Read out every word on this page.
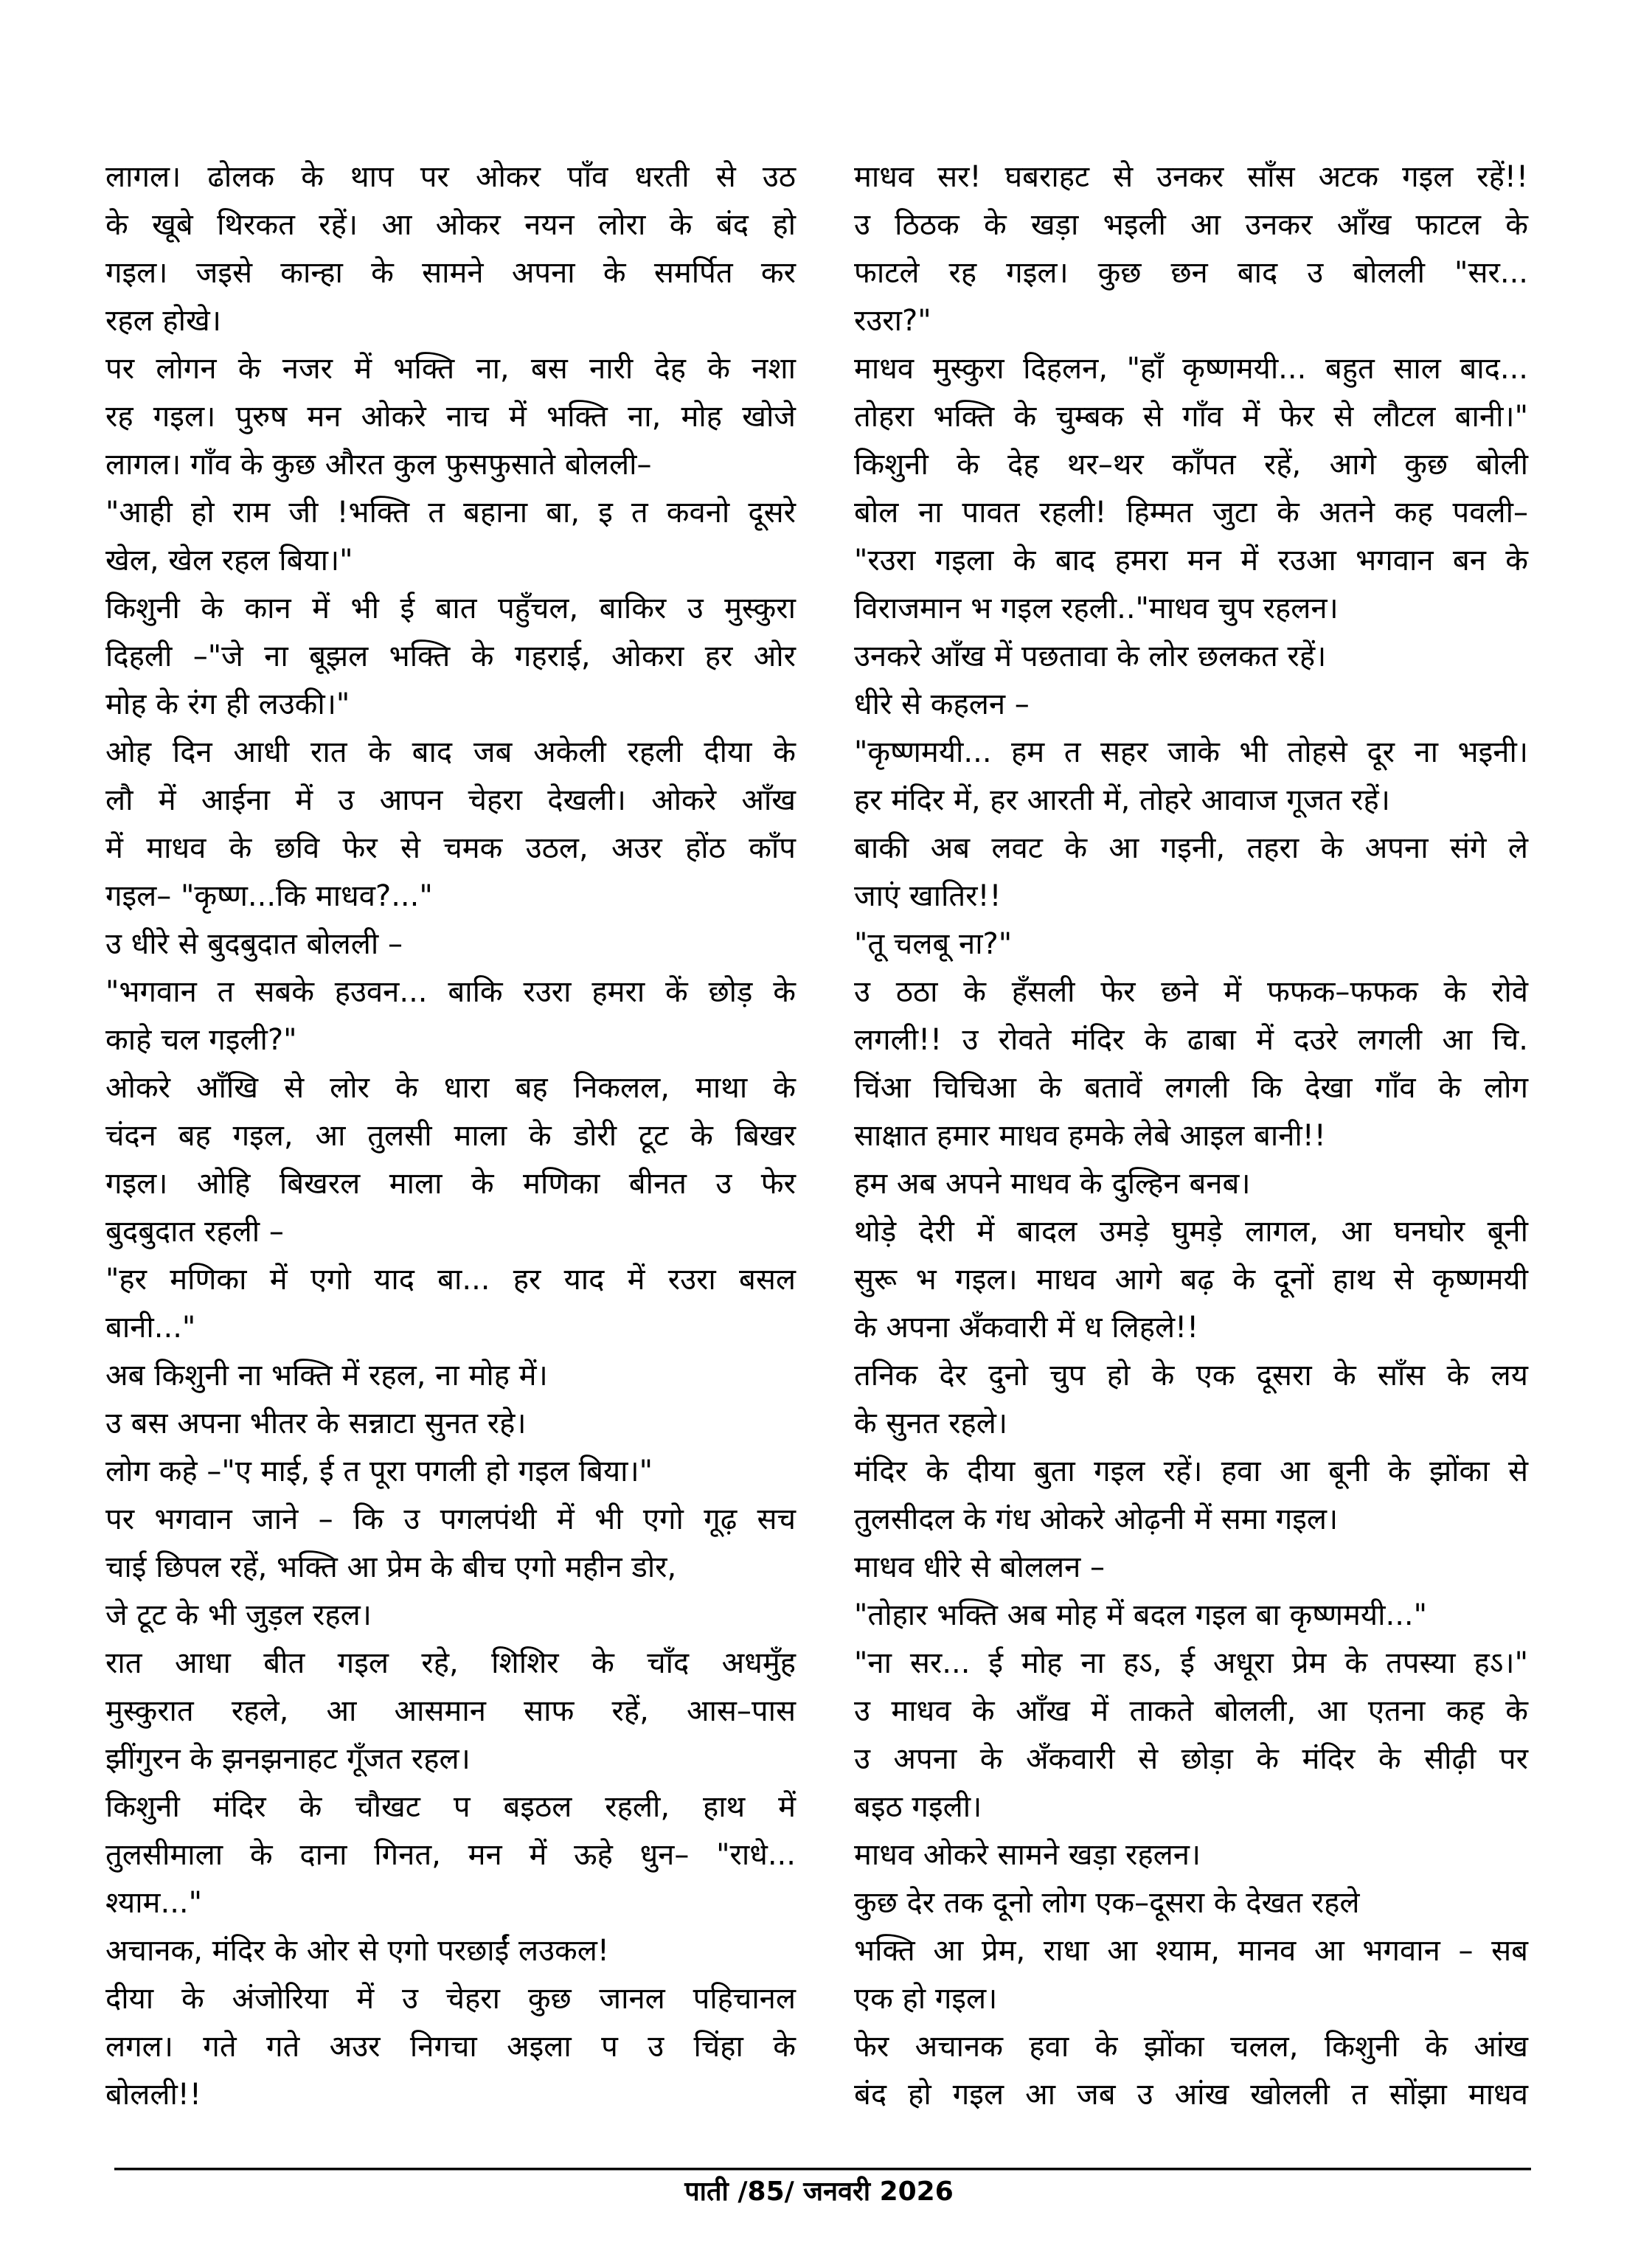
लागल। ढोलक के थाप पर ओकर पाँव धरती से उठ
के खूबे थिरकत रहें। आ ओकर नयन लोरा के बंद हो
गइल। जइसे कान्हा के सामने अपना के समर्पित कर
रहल होखे।
पर लोगन के नजर में भक्ति ना, बस नारी देह के नशा
रह गइल। पुरुष मन ओकरे नाच में भक्ति ना, मोह खोजे
लागल। गाँव के कुछ औरत कुल फुसफुसाते बोलली–
"आही हो राम जी !भक्ति त बहाना बा, इ त कवनो दूसरे
खेल, खेल रहल बिया।"
किशुनी के कान में भी ई बात पहुँचल, बाकिर उ मुस्कुरा
दिहली –"जे ना बूझल भक्ति के गहराई, ओकरा हर ओर
मोह के रंग ही लउकी।"
ओह दिन आधी रात के बाद जब अकेली रहली दीया के
लौ में आईना में उ आपन चेहरा देखली। ओकरे आँख
में माधव के छवि फेर से चमक उठल, अउर होंठ काँप
गइल– "कृष्ण...कि माधव?..."
उ धीरे से बुदबुदात बोलली –
"भगवान त सबके हउवन... बाकि रउरा हमरा कें छोड़ के
काहे चल गइली?"
ओकरे आँखि से लोर के धारा बह निकलल, माथा के
चंदन बह गइल, आ तुलसी माला के डोरी टूट के बिखर
गइल। ओहि बिखरल माला के मणिका बीनत उ फेर
बुदबुदात रहली –
"हर मणिका में एगो याद बा... हर याद में रउरा बसल
बानी..."
अब किशुनी ना भक्ति में रहल, ना मोह में।
उ बस अपना भीतर के सन्नाटा सुनत रहे।
लोग कहे –"ए माई, ई त पूरा पगली हो गइल बिया।"
पर भगवान जाने – कि उ पगलपंथी में भी एगो गूढ़ सच
चाई छिपल रहें, भक्ति आ प्रेम के बीच एगो महीन डोर,
जे टूट के भी जुड़ल रहल।
रात आधा बीत गइल रहे, शिशिर के चाँद अधमुँह
मुस्कुरात रहले, आ आसमान साफ रहें, आस–पास
झींगुरन के झनझनाहट गूँजत रहल।
किशुनी मंदिर के चौखट प बइठल रहली, हाथ में
तुलसीमाला के दाना गिनत, मन में ऊहे धुन– "राधे...
श्याम..."
अचानक, मंदिर के ओर से एगो परछाईं लउकल!
दीया के अंजोरिया में उ चेहरा कुछ जानल पहिचानल
लगल। गते गते अउर निगचा अइला प उ चिंहा के
बोलली!!
माधव सर! घबराहट से उनकर साँस अटक गइल रहें!!
उ ठिठक के खड़ा भइली आ उनकर आँख फाटल के
फाटले रह गइल। कुछ छन बाद उ बोलली "सर...
रउरा?"
माधव मुस्कुरा दिहलन, "हाँ कृष्णमयी... बहुत साल बाद...
तोहरा भक्ति के चुम्बक से गाँव में फेर से लौटल बानी।"
किशुनी के देह थर–थर काँपत रहें, आगे कुछ बोली
बोल ना पावत रहली! हिम्मत जुटा के अतने कह पवली–
"रउरा गइला के बाद हमरा मन में रउआ भगवान बन के
विराजमान भ गइल रहली.."माधव चुप रहलन।
उनकरे आँख में पछतावा के लोर छलकत रहें।
धीरे से कहलन –
"कृष्णमयी... हम त सहर जाके भी तोहसे दूर ना भइनी।
हर मंदिर में, हर आरती में, तोहरे आवाज गूजत रहें।
बाकी अब लवट के आ गइनी, तहरा के अपना संगे ले
जाएं खातिर!!
"तू चलबू ना?"
उ ठठा के हँसली फेर छने में फफक–फफक के रोवे
लगली!! उ रोवते मंदिर के ढाबा में दउरे लगली आ चि.
चिंआ चिचिआ के बतावें लगली कि देखा गाँव के लोग
साक्षात हमार माधव हमके लेबे आइल बानी!!
हम अब अपने माधव के दुल्हिन बनब।
थोड़े देरी में बादल उमड़े घुमड़े लागल, आ घनघोर बूनी
सुरू भ गइल। माधव आगे बढ़ के दूनों हाथ से कृष्णमयी
के अपना अँकवारी में ध लिहले!!
तनिक देर दुनो चुप हो के एक दूसरा के साँस के लय
के सुनत रहले।
मंदिर के दीया बुता गइल रहें। हवा आ बूनी के झोंका से
तुलसीदल के गंध ओकरे ओढ़नी में समा गइल।
माधव धीरे से बोललन –
"तोहार भक्ति अब मोह में बदल गइल बा कृष्णमयी..."
"ना सर... ई मोह ना हऽ, ई अधूरा प्रेम के तपस्या हऽ।"
उ माधव के आँख में ताकते बोलली, आ एतना कह के
उ अपना के अँकवारी से छोड़ा के मंदिर के सीढ़ी पर
बइठ गइली।
माधव ओकरे सामने खड़ा रहलन।
कुछ देर तक दूनो लोग एक–दूसरा के देखत रहले
भक्ति आ प्रेम, राधा आ श्याम, मानव आ भगवान – सब
एक हो गइल।
फेर अचानक हवा के झोंका चलल, किशुनी के आंख
बंद हो गइल आ जब उ आंख खोलली त सोंझा माधव
पाती /85/ जनवरी 2026
